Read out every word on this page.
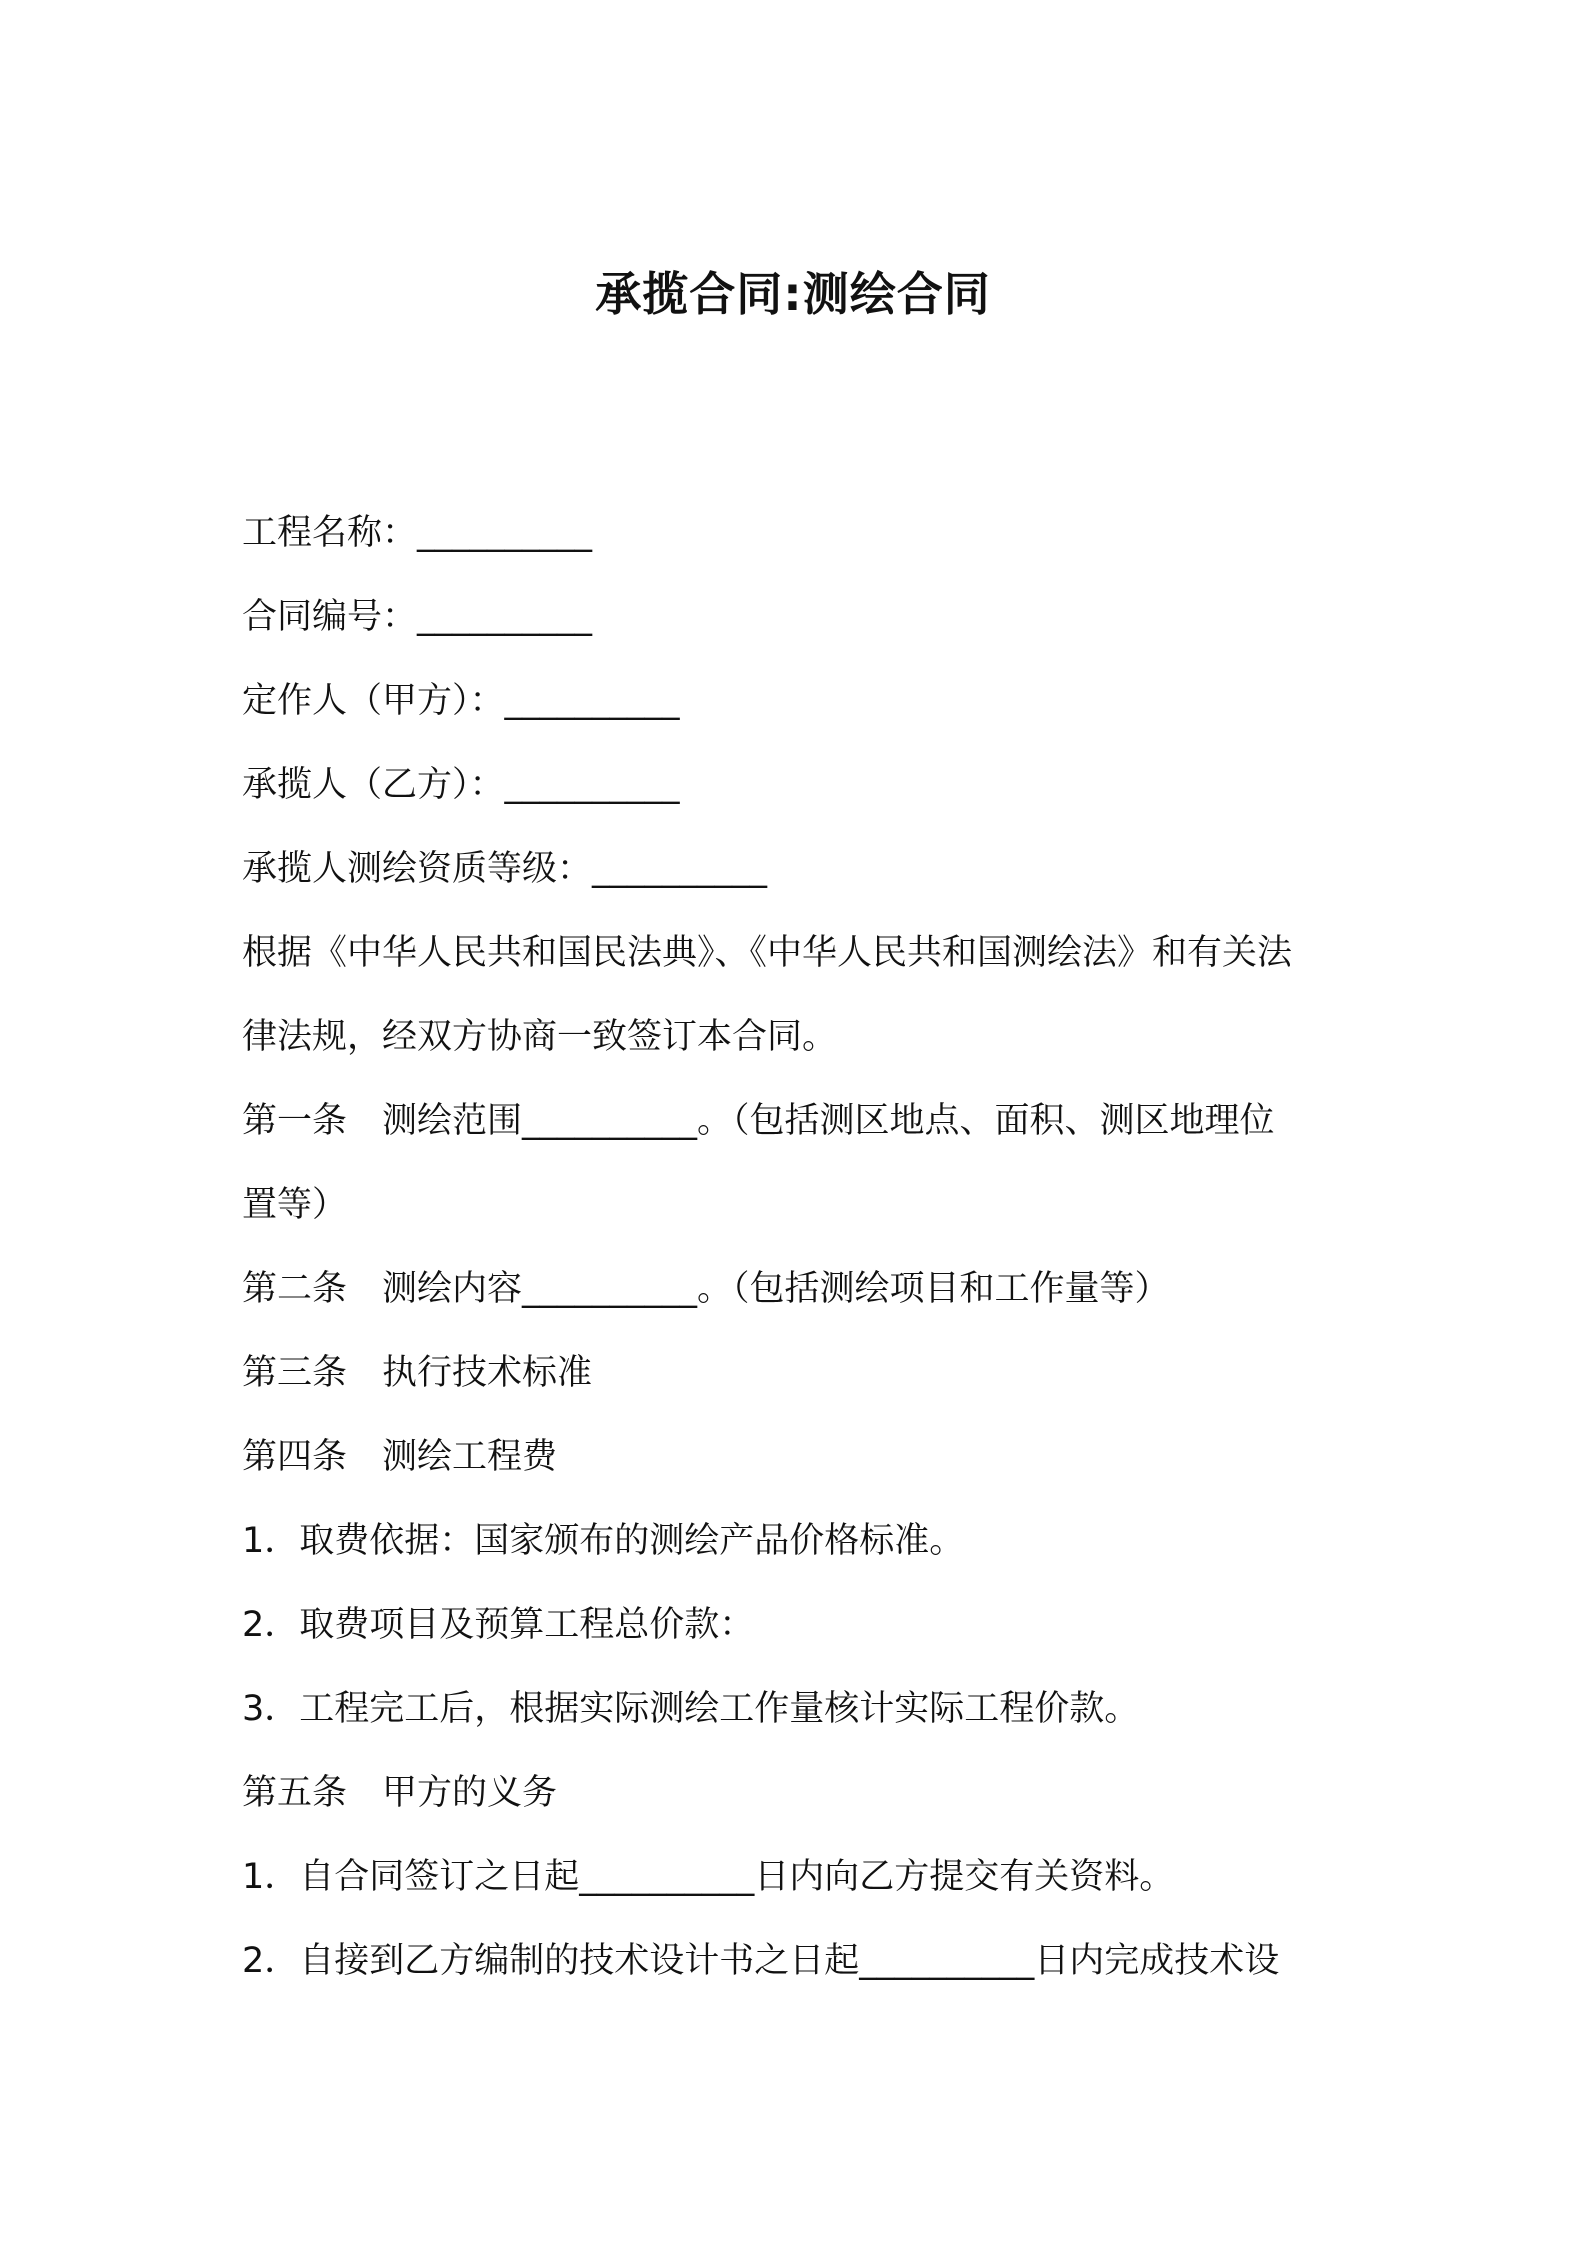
承揽合同:测绘合同

工程名称：__________

合同编号：__________

定作人（甲方）：__________

承揽人（乙方）：__________

承揽人测绘资质等级：__________

根据《中华人民共和国民法典》、《中华人民共和国测绘法》和有关法

律法规，经双方协商一致签订本合同。

第一条　测绘范围__________。（包括测区地点、面积、测区地理位

置等）

第二条　测绘内容__________。（包括测绘项目和工作量等）

第三条　执行技术标准

第四条　测绘工程费

1．取费依据：国家颁布的测绘产品价格标准。

2．取费项目及预算工程总价款：

3．工程完工后，根据实际测绘工作量核计实际工程价款。

第五条　甲方的义务

1．自合同签订之日起__________日内向乙方提交有关资料。

2．自接到乙方编制的技术设计书之日起__________日内完成技术设
